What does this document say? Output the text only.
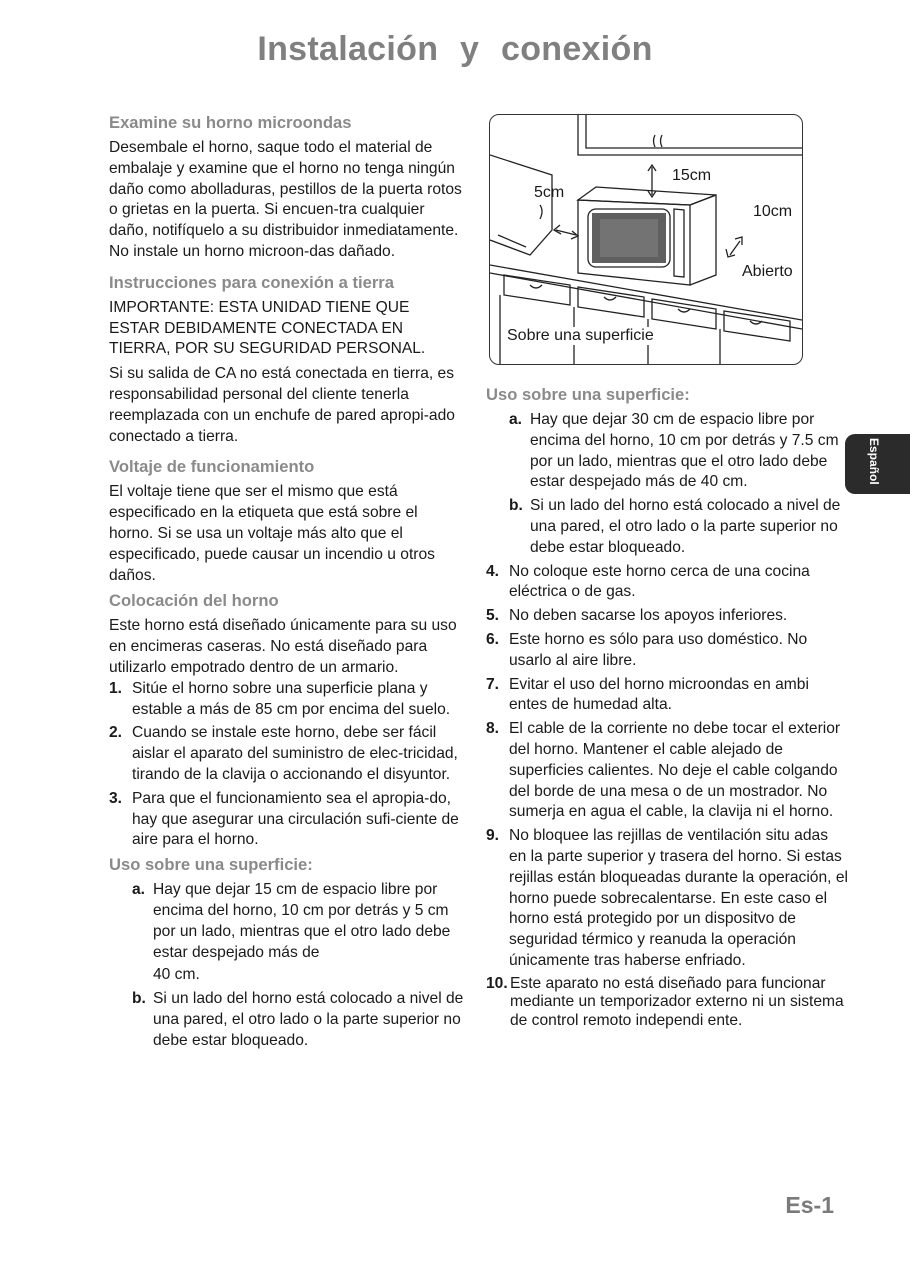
Instalación y conexión
Examine su horno microondas

Desembale el horno, saque todo el material de embalaje y examine que el horno no tenga ningún daño como abolladuras, pestillos de la puerta rotos o grietas en la puerta. Si encuen-tra cualquier daño, notifíquelo a su distribuidor inmediatamente. No instale un horno microon-das dañado.

Instrucciones para conexión a tierra

IMPORTANTE: ESTA UNIDAD TIENE QUE ESTAR DEBIDAMENTE CONECTADA EN TIERRA, POR SU SEGURIDAD PERSONAL.

Si su salida de CA no está conectada en tierra, es responsabilidad personal del cliente tenerla reemplazada con un enchufe de pared apropi-ado conectado a tierra.

Voltaje de funcionamiento

El voltaje tiene que ser el mismo que está especificado en la etiqueta que está sobre el horno. Si se usa un voltaje más alto que el especificado, puede causar un incendio u otros daños.

Colocación del horno

Este horno está diseñado únicamente para su uso en encimeras caseras. No está diseñado para utilizarlo empotrado dentro de un armario.

1. Sitúe el horno sobre una superficie plana y estable a más de 85 cm por encima del suelo.
2. Cuando se instale este horno, debe ser fácil aislar el aparato del suministro de elec-tricidad, tirando de la clavija o accionando el disyuntor.
3. Para que el funcionamiento sea el apropia-do, hay que asegurar una circulación sufi-ciente de aire para el horno.
Uso sobre una superficie:
a. Hay que dejar 15 cm de espacio libre por encima del horno, 10 cm por detrás y 5 cm por un lado, mientras que el otro lado debe estar despejado más de
40 cm.
b. Si un lado del horno está colocado a nivel de una pared, el otro lado o la parte superior no debe estar bloqueado.
15cm
5cm
10cm
Abierto
Sobre una superficie
Uso sobre una superficie:
a. Hay que dejar 30 cm de espacio libre por encima del horno, 10 cm por detrás y 7.5 cm por un lado, mientras que el otro lado debe estar despejado más de 40 cm.
b. Si un lado del horno está colocado a nivel de una pared, el otro lado o la parte superior no debe estar bloqueado.
4. No coloque este horno cerca de una cocina eléctrica o de gas.
5. No deben sacarse los apoyos inferiores.
6. Este horno es sólo para uso doméstico. No usarlo al aire libre.
7. Evitar el uso del horno microondas en ambi entes de humedad alta.
8. El cable de la corriente no debe tocar el exterior del horno. Mantener el cable alejado de superficies calientes. No deje el cable colgando del borde de una mesa o de un mostrador. No sumerja en agua el cable, la clavija ni el horno.
9. No bloquee las rejillas de ventilación situ adas en la parte superior y trasera del horno. Si estas rejillas están bloqueadas durante la operación, el horno puede sobrecalentarse. En este caso el horno está protegido por un dispositvo de seguridad térmico y reanuda la operación únicamente tras haberse enfriado.
10. Este aparato no está diseñado para funcionar mediante un temporizador externo ni un sistema de control remoto independi ente.
Español
Es-1
